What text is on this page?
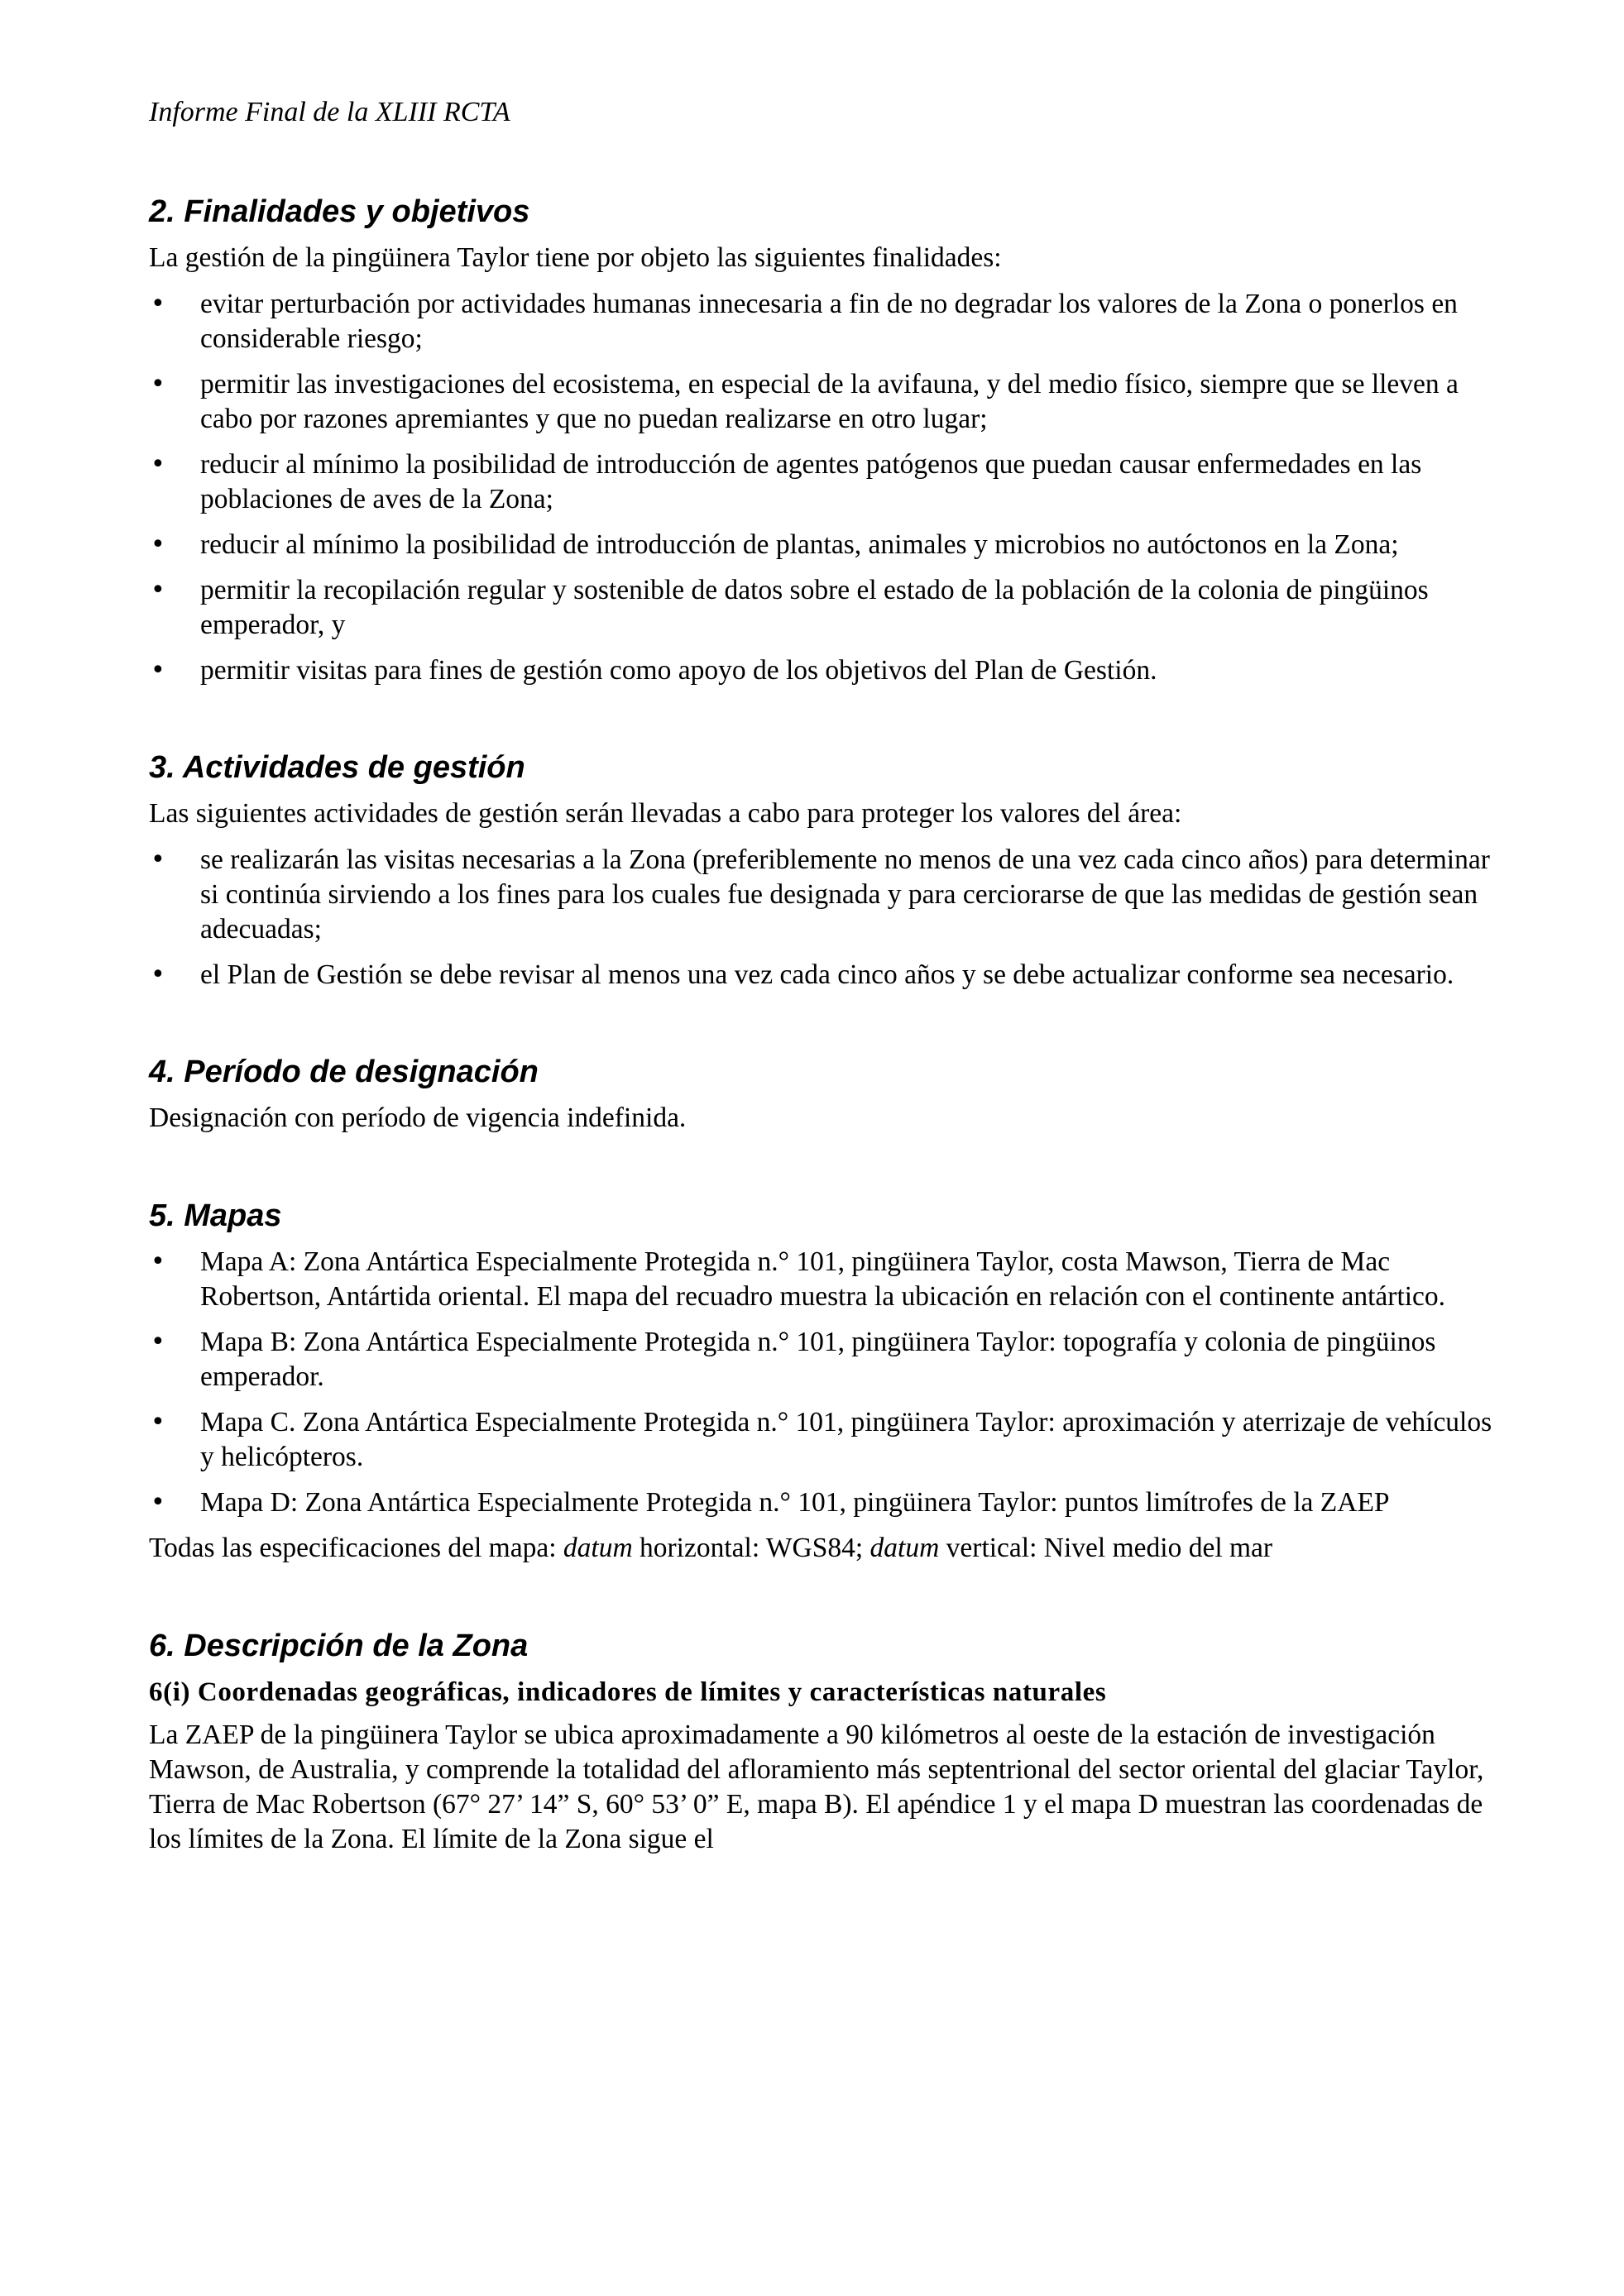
Informe Final de la XLIII RCTA
2. Finalidades y objetivos

La gestión de la pingüinera Taylor tiene por objeto las siguientes finalidades:

•	evitar perturbación por actividades humanas innecesaria a fin de no degradar los valores de la Zona o ponerlos en considerable riesgo;
•	permitir las investigaciones del ecosistema, en especial de la avifauna, y del medio físico, siempre que se lleven a cabo por razones apremiantes y que no puedan realizarse en otro lugar;
•	reducir al mínimo la posibilidad de introducción de agentes patógenos que puedan causar enfermedades en las poblaciones de aves de la Zona;
•	reducir al mínimo la posibilidad de introducción de plantas, animales y microbios no autóctonos en la Zona;
•	permitir la recopilación regular y sostenible de datos sobre el estado de la población de la colonia de pingüinos emperador, y
•	permitir visitas para fines de gestión como apoyo de los objetivos del Plan de Gestión.
3. Actividades de gestión

Las siguientes actividades de gestión serán llevadas a cabo para proteger los valores del área:

•	se realizarán las visitas necesarias a la Zona (preferiblemente no menos de una vez cada cinco años) para determinar si continúa sirviendo a los fines para los cuales fue designada y para cerciorarse de que las medidas de gestión sean adecuadas;
•	el Plan de Gestión se debe revisar al menos una vez cada cinco años y se debe actualizar conforme sea necesario.
4. Período de designación

Designación con período de vigencia indefinida.

5. Mapas
•	Mapa A: Zona Antártica Especialmente Protegida n.° 101, pingüinera Taylor, costa Mawson, Tierra de Mac Robertson, Antártida oriental. El mapa del recuadro muestra la ubicación en relación con el continente antártico.
•	Mapa B: Zona Antártica Especialmente Protegida n.° 101, pingüinera Taylor: topografía y colonia de pingüinos emperador.
•	Mapa C. Zona Antártica Especialmente Protegida n.° 101, pingüinera Taylor: aproximación y aterrizaje de vehículos y helicópteros.
•	Mapa D: Zona Antártica Especialmente Protegida n.° 101, pingüinera Taylor: puntos limítrofes de la ZAEP

Todas las especificaciones del mapa: datum horizontal: WGS84; datum vertical: Nivel medio del mar

6. Descripción de la Zona
6(i) Coordenadas geográficas, indicadores de límites y características naturales

La ZAEP de la pingüinera Taylor se ubica aproximadamente a 90 kilómetros al oeste de la estación de investigación Mawson, de Australia, y comprende la totalidad del afloramiento más septentrional del sector oriental del glaciar Taylor, Tierra de Mac Robertson (67° 27’ 14” S, 60° 53’ 0” E, mapa B). El apéndice 1 y el mapa D muestran las coordenadas de los límites de la Zona. El límite de la Zona sigue el
